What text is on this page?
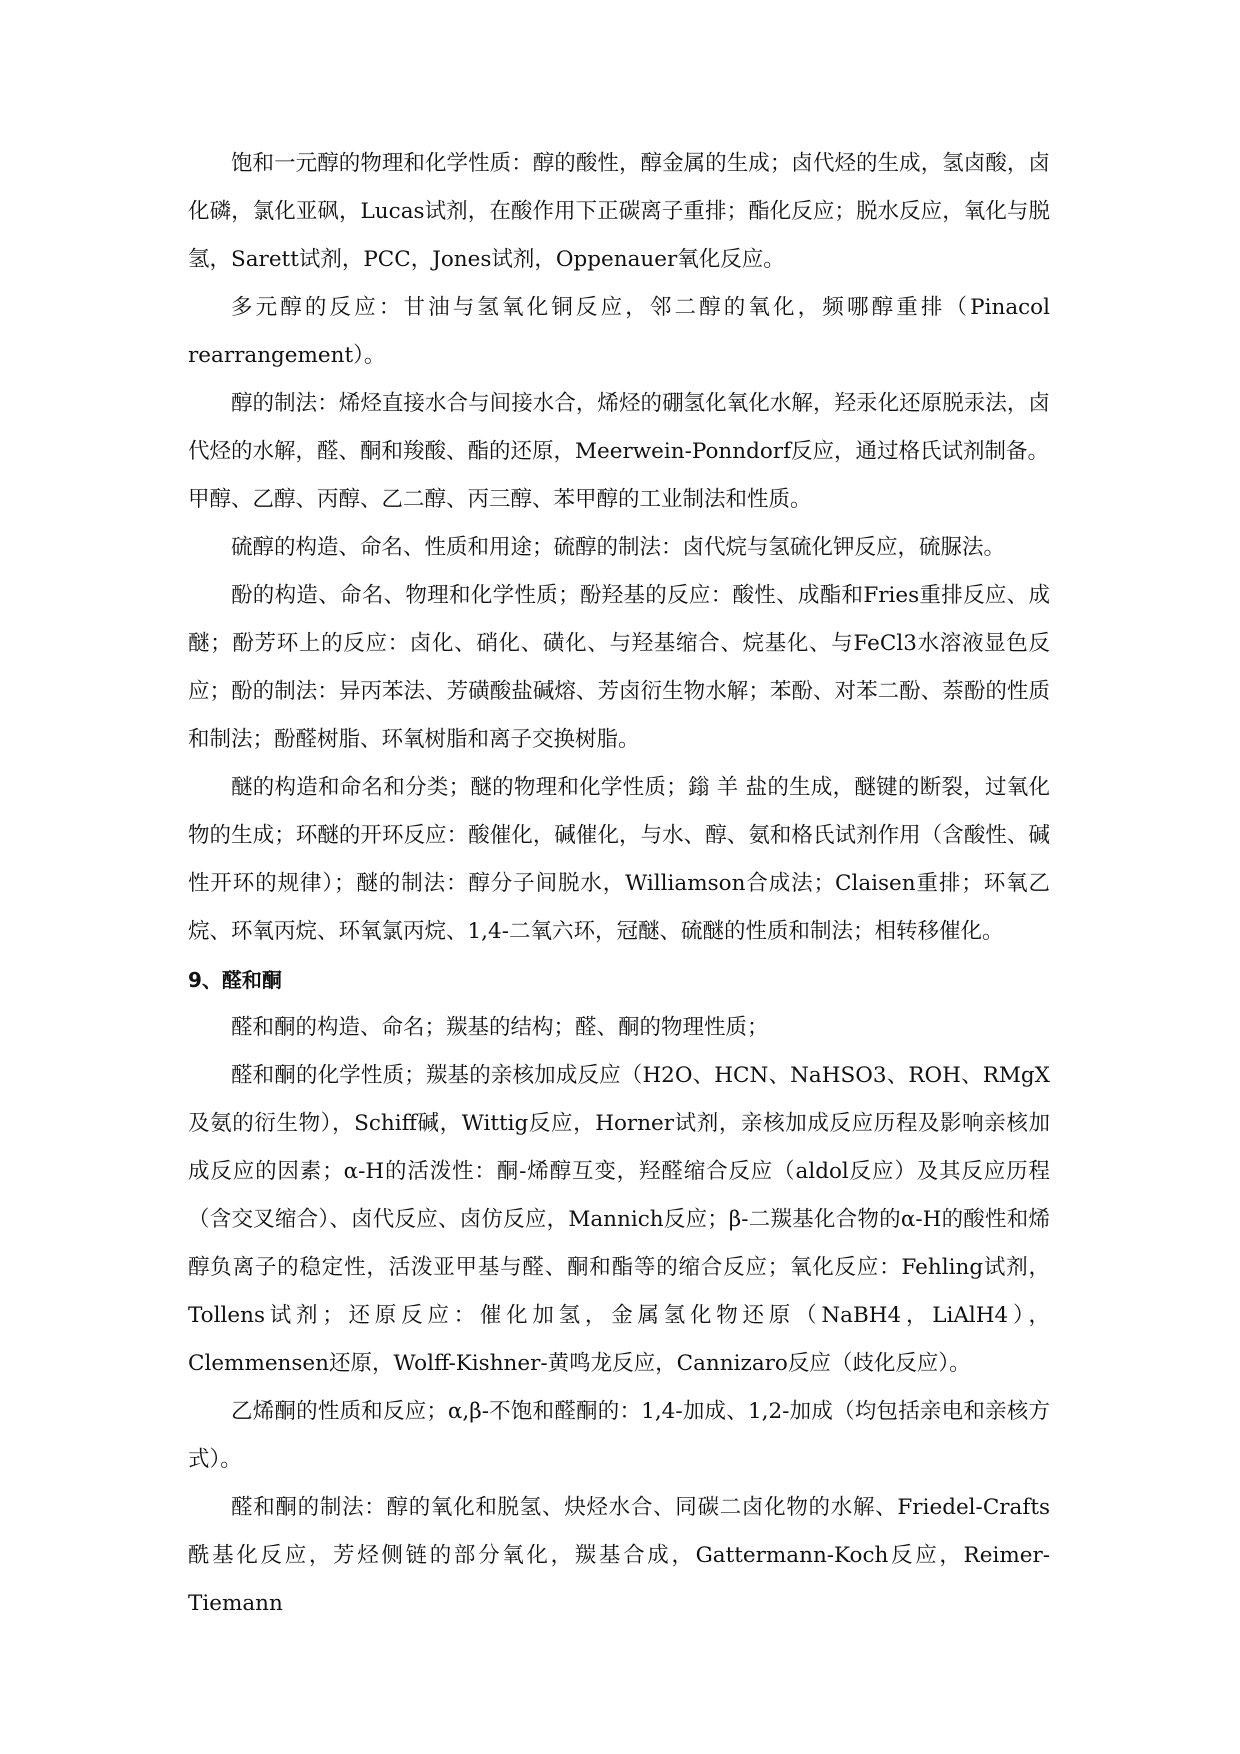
饱和一元醇的物理和化学性质：醇的酸性，醇金属的生成；卤代烃的生成，氢卤酸，卤化磷，氯化亚砜，Lucas试剂，在酸作用下正碳离子重排；酯化反应；脱水反应，氧化与脱氢，Sarett试剂，PCC，Jones试剂，Oppenauer氧化反应。

多元醇的反应：甘油与氢氧化铜反应，邻二醇的氧化，频哪醇重排（Pinacol rearrangement）。

醇的制法：烯烃直接水合与间接水合，烯烃的硼氢化氧化水解，羟汞化还原脱汞法，卤代烃的水解，醛、酮和羧酸、酯的还原，Meerwein-Ponndorf反应，通过格氏试剂制备。

甲醇、乙醇、丙醇、乙二醇、丙三醇、苯甲醇的工业制法和性质。

硫醇的构造、命名、性质和用途；硫醇的制法：卤代烷与氢硫化钾反应，硫脲法。

酚的构造、命名、物理和化学性质；酚羟基的反应：酸性、成酯和Fries重排反应、成醚；酚芳环上的反应：卤化、硝化、磺化、与羟基缩合、烷基化、与FeCl3水溶液显色反应；酚的制法：异丙苯法、芳磺酸盐碱熔、芳卤衍生物水解；苯酚、对苯二酚、萘酚的性质和制法；酚醛树脂、环氧树脂和离子交换树脂。

醚的构造和命名和分类；醚的物理和化学性质；鎓 羊 盐的生成，醚键的断裂，过氧化物的生成；环醚的开环反应：酸催化，碱催化，与水、醇、氨和格氏试剂作用（含酸性、碱性开环的规律）；醚的制法：醇分子间脱水，Williamson合成法；Claisen重排；环氧乙烷、环氧丙烷、环氧氯丙烷、1,4-二氧六环，冠醚、硫醚的性质和制法；相转移催化。

9、醛和酮

醛和酮的构造、命名；羰基的结构；醛、酮的物理性质；

醛和酮的化学性质；羰基的亲核加成反应（H2O、HCN、NaHSO3、ROH、RMgX及氨的衍生物），Schiff碱，Wittig反应，Horner试剂，亲核加成反应历程及影响亲核加成反应的因素；α-H的活泼性：酮-烯醇互变，羟醛缩合反应（aldol反应）及其反应历程（含交叉缩合）、卤代反应、卤仿反应，Mannich反应；β-二羰基化合物的α-H的酸性和烯醇负离子的稳定性，活泼亚甲基与醛、酮和酯等的缩合反应；氧化反应：Fehling试剂，Tollens试剂；还原反应：催化加氢，金属氢化物还原（NaBH4，LiAlH4），Clemmensen还原，Wolff-Kishner-黄鸣龙反应，Cannizaro反应（歧化反应）。

乙烯酮的性质和反应；α,β-不饱和醛酮的：1,4-加成、1,2-加成（均包括亲电和亲核方式）。

醛和酮的制法：醇的氧化和脱氢、炔烃水合、同碳二卤化物的水解、Friedel-Crafts酰基化反应，芳烃侧链的部分氧化，羰基合成，Gattermann-Koch反应，Reimer-Tiemann
